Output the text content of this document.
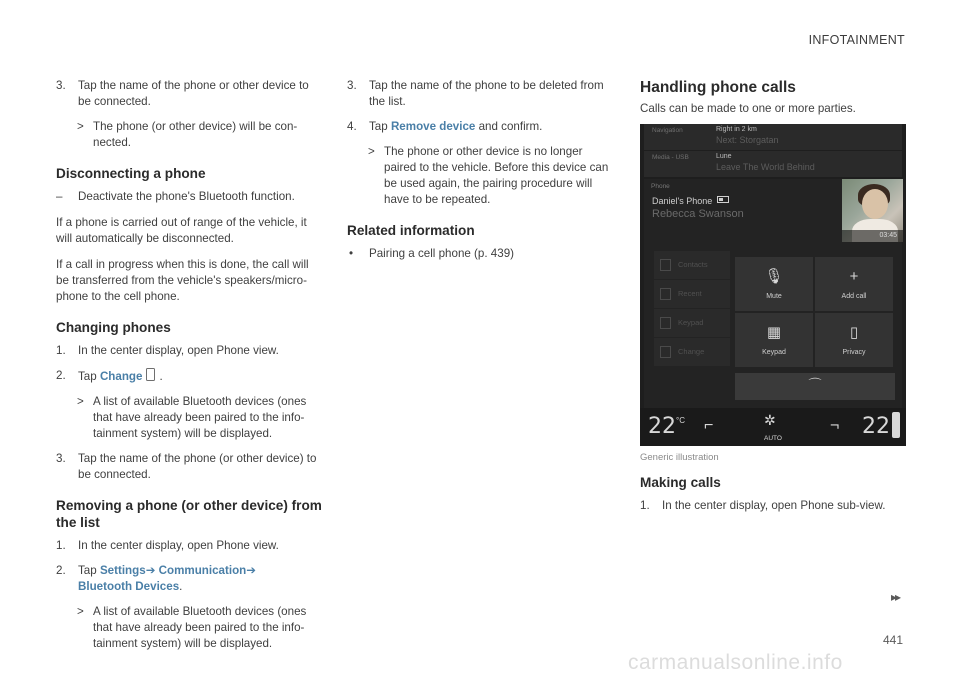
INFOTAINMENT
3. Tap the name of the phone or other device to be connected.
> The phone (or other device) will be con-nected.
Disconnecting a phone
– Deactivate the phone's Bluetooth function.
If a phone is carried out of range of the vehicle, it will automatically be disconnected.
If a call in progress when this is done, the call will be transferred from the vehicle's speakers/micro-phone to the cell phone.
Changing phones
1. In the center display, open Phone view.
2. Tap Change .
> A list of available Bluetooth devices (ones that have already been paired to the info-tainment system) will be displayed.
3. Tap the name of the phone (or other device) to be connected.
Removing a phone (or other device) from the list
1. In the center display, open Phone view.
2. Tap Settings➔ Communication➔
Bluetooth Devices.
> A list of available Bluetooth devices (ones that have already been paired to the info-tainment system) will be displayed.
3. Tap the name of the phone to be deleted from the list.
4. Tap Remove device and confirm.
> The phone or other device is no longer paired to the vehicle. Before this device can be used again, the pairing procedure will have to be repeated.
Related information
• Pairing a cell phone (p. 439)
Handling phone calls
Calls can be made to one or more parties.
Navigation	Right in 2 km
Next: Storgatan
Media - USB	Lune
Leave The World Behind
Phone
Daniel's Phone
Rebecca Swanson
03:45
Contacts
Recent
Keypad
Change
🎙
Mute
+
Add call
▦
Keypad
▯
Privacy
⌒
22 °C ⌐	✲
AUTO
¬ 22
Generic illustration
Making calls
1. In the center display, open Phone sub-view.
▸▸
441
carmanualsonline.info
